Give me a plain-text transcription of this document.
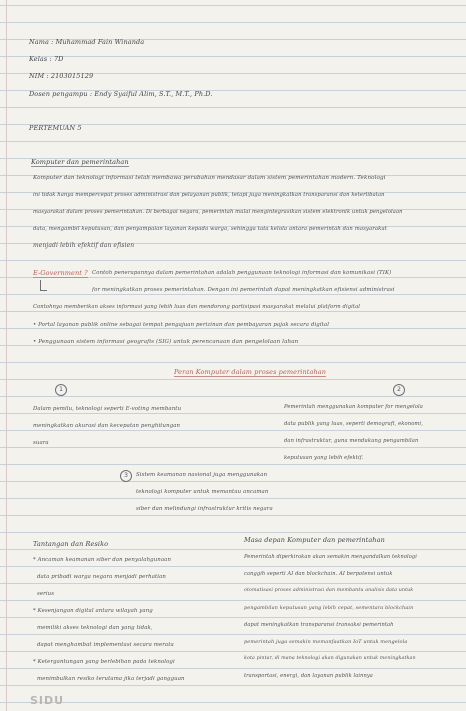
Nama : Muhammad Fain Winanda
Kelas : 7D
NIM : 2103015129
Dosen pengampu : Endy Syaiful Alim, S.T., M.T., Ph.D.
PERTEMUAN 5
Komputer dan pemerintahan
Komputer dan teknologi informasi telah membawa perubahan mendasar dalam sistem pemerintahan modern. Teknologi
ini tidak hanya mempercepat proses administrasi dan pelayanan publik, tetapi juga meningkatkan transparansi dan keterlibatan
masyarakat dalam proses pemerintahan. Di berbagai negara, pemerintah mulai mengintegrasikan sistem elektronik untuk pengelolaan
data, mengambil keputusan, dan penyampaian layanan kepada warga, sehingga tata kelola antara pemerintah dan masyarakat
menjadi lebih efektif dan efisien
E-Government ? Contoh penerapannya dalam pemerintahan adalah penggunaan teknologi informasi dan komunikasi (TIK)
for meningkatkan proses pemerintahan. Dengan ini pemerintah dapat meningkatkan efisiensi administrasi
Contohnya memberikan akses informasi yang lebih luas dan mendorong partisipasi masyarakat melalui platform digital
• Portal layanan publik online sebagai tempat pengajuan perizinan dan pembayaran pajak secara digital
• Penggunaan sistem informasi geografis (SIG) untuk perencanaan dan pengelolaan lahan
Peran Komputer dalam proses pemerintahan
1	2
Dalam pemilu, teknologi seperti E-voting membantu
meningkatkan akurasi dan kecepatan penghitungan
suara
Pemerintah menggunakan komputer for mengelola
data publik yang luas, seperti demografi, ekonomi,
dan infrastruktur, guna mendukung pengambilan
keputusan yang lebih efektif.
3	Sistem keamanan nasional juga menggunakan
teknologi komputer untuk memantau ancaman
siber dan melindungi infrastruktur kritis negara
Tantangan dan Resiko
* Ancaman keamanan siber dan penyalahgunaan
data pribadi warga negara menjadi perhatian
serius
* Kesenjangan digital antara wilayah yang
memiliki akses teknologi dan yang tidak,
dapat menghambat implementasi secara merata
* Ketergantungan yang berlebihan pada teknologi
menimbulkan resiko terutama jika terjadi gangguan
Masa depan Komputer dan pemerintahan
Pemerintah diperkirakan akan semakin mengandalkan teknologi
canggih seperti AI dan blockchain. AI berpotensi untuk
otomatisasi proses administrasi dan membantu analisis data untuk
pengambilan keputusan yang lebih cepat, sementara blockchain
dapat meningkatkan transparansi transaksi pemerintah
pemerintah juga semakin memanfaatkan IoT untuk mengelola
kota pintar, di mana teknologi akan digunakan untuk meningkatkan
transportasi, energi, dan layanan publik lainnya
SIDU
